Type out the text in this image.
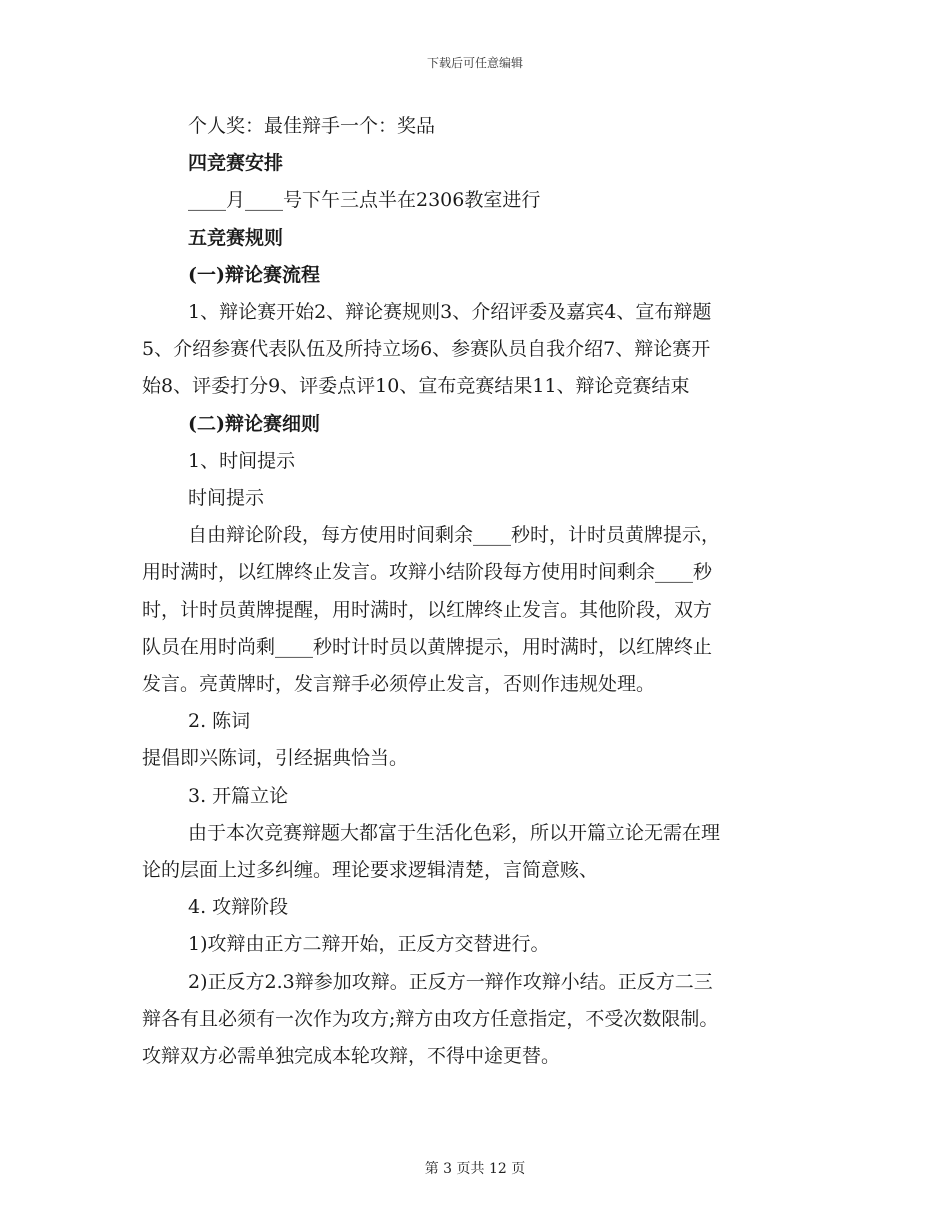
下载后可任意编辑

个人奖：最佳辩手一个：奖品

四竞赛安排

____月____号下午三点半在2306教室进行

五竞赛规则

(一)辩论赛流程

1、辩论赛开始2、辩论赛规则3、介绍评委及嘉宾4、宣布辩题

5、介绍参赛代表队伍及所持立场6、参赛队员自我介绍7、辩论赛开

始8、评委打分9、评委点评10、宣布竞赛结果11、辩论竞赛结束

(二)辩论赛细则

1、时间提示

时间提示

自由辩论阶段，每方使用时间剩余____秒时，计时员黄牌提示，

用时满时，以红牌终止发言。攻辩小结阶段每方使用时间剩余____秒

时，计时员黄牌提醒，用时满时，以红牌终止发言。其他阶段，双方

队员在用时尚剩____秒时计时员以黄牌提示，用时满时，以红牌终止

发言。亮黄牌时，发言辩手必须停止发言，否则作违规处理。

2. 陈词

提倡即兴陈词，引经据典恰当。

3. 开篇立论

由于本次竞赛辩题大都富于生活化色彩，所以开篇立论无需在理

论的层面上过多纠缠。理论要求逻辑清楚，言简意赅、

4. 攻辩阶段

1)攻辩由正方二辩开始，正反方交替进行。

2)正反方2.3辩参加攻辩。正反方一辩作攻辩小结。正反方二三

辩各有且必须有一次作为攻方;辩方由攻方任意指定，不受次数限制。

攻辩双方必需单独完成本轮攻辩，不得中途更替。

第 3 页共 12 页
